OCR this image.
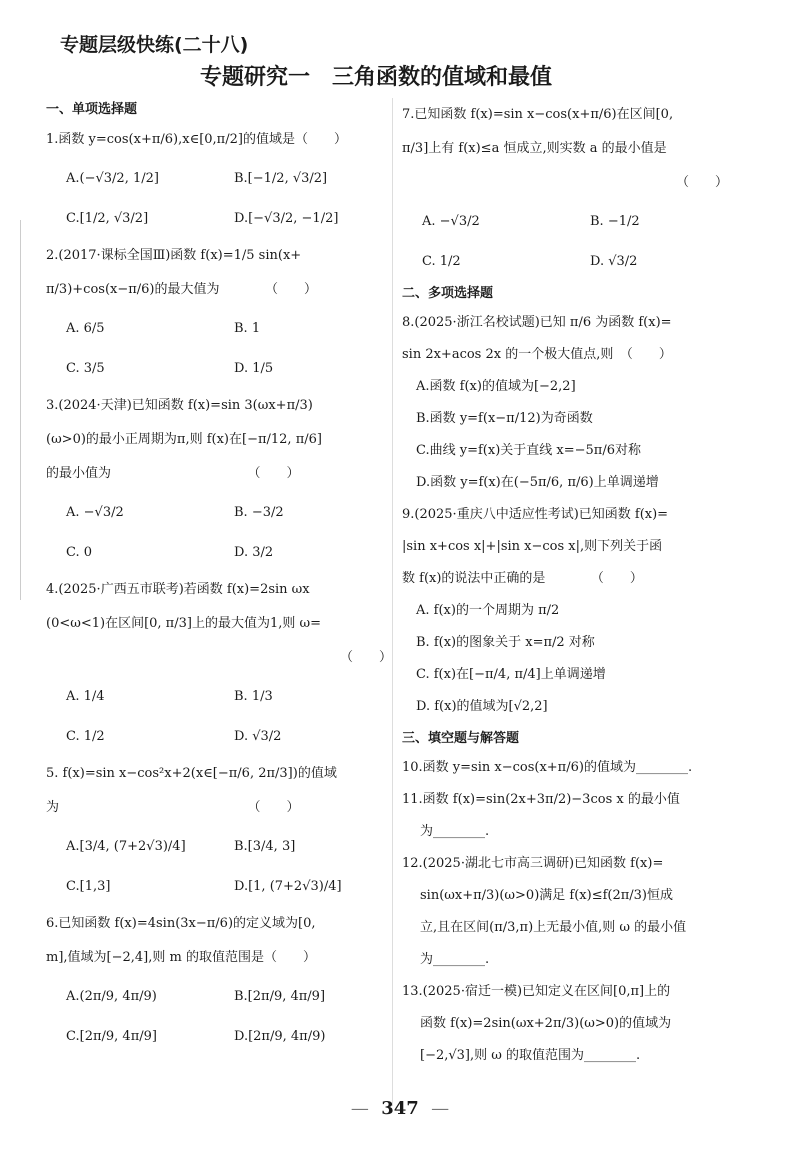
专题层级快练(二十八)
专题研究一　三角函数的值域和最值
一、单项选择题
1.函数 y=cos(x+π/6),x∈[0,π/2]的值域是（　　）
A.(−√3/2, 1/2]	B.[−1/2, √3/2]
C.[1/2, √3/2]	D.[−√3/2, −1/2]
2.(2017·课标全国Ⅲ)函数 f(x)=1/5 sin(x+
π/3)+cos(x−π/6)的最大值为　　　　（　　）
A. 6/5	B. 1
C. 3/5	D. 1/5
3.(2024·天津)已知函数 f(x)=sin 3(ωx+π/3)
(ω>0)的最小正周期为π,则 f(x)在[−π/12, π/6]
的最小值为　　　　　　　　　　　（　　）
A. −√3/2	B. −3/2
C. 0	D. 3/2
4.(2025·广西五市联考)若函数 f(x)=2sin ωx
(0<ω<1)在区间[0, π/3]上的最大值为1,则 ω=
（　　）
A. 1/4	B. 1/3
C. 1/2	D. √3/2
5. f(x)=sin x−cos²x+2(x∈[−π/6, 2π/3])的值域
为　　　　　　　　　　　　　　　（　　）
A.[3/4, (7+2√3)/4]	B.[3/4, 3]
C.[1,3]	D.[1, (7+2√3)/4]
6.已知函数 f(x)=4sin(3x−π/6)的定义域为[0,
m],值域为[−2,4],则 m 的取值范围是（　　）
A.(2π/9, 4π/9)	B.[2π/9, 4π/9]
C.[2π/9, 4π/9]	D.[2π/9, 4π/9)
7.已知函数 f(x)=sin x−cos(x+π/6)在区间[0,
π/3]上有 f(x)≤a 恒成立,则实数 a 的最小值是
（　　）
A. −√3/2	B. −1/2
C. 1/2	D. √3/2
二、多项选择题
8.(2025·浙江名校试题)已知 π/6 为函数 f(x)=
sin 2x+acos 2x 的一个极大值点,则　（　　）
A.函数 f(x)的值域为[−2,2]
B.函数 y=f(x−π/12)为奇函数
C.曲线 y=f(x)关于直线 x=−5π/6对称
D.函数 y=f(x)在(−5π/6, π/6)上单调递增
9.(2025·重庆八中适应性考试)已知函数 f(x)=
|sin x+cos x|+|sin x−cos x|,则下列关于函
数 f(x)的说法中正确的是　　　　（　　）
A. f(x)的一个周期为 π/2
B. f(x)的图象关于 x=π/2 对称
C. f(x)在[−π/4, π/4]上单调递增
D. f(x)的值域为[√2,2]
三、填空题与解答题
10.函数 y=sin x−cos(x+π/6)的值域为________.
11.函数 f(x)=sin(2x+3π/2)−3cos x 的最小值
为________.
12.(2025·湖北七市高三调研)已知函数 f(x)=
sin(ωx+π/3)(ω>0)满足 f(x)≤f(2π/3)恒成
立,且在区间(π/3,π)上无最小值,则 ω 的最小值
为________.
13.(2025·宿迁一模)已知定义在区间[0,π]上的
函数 f(x)=2sin(ωx+2π/3)(ω>0)的值域为
[−2,√3],则 ω 的取值范围为________.
— 347 —
